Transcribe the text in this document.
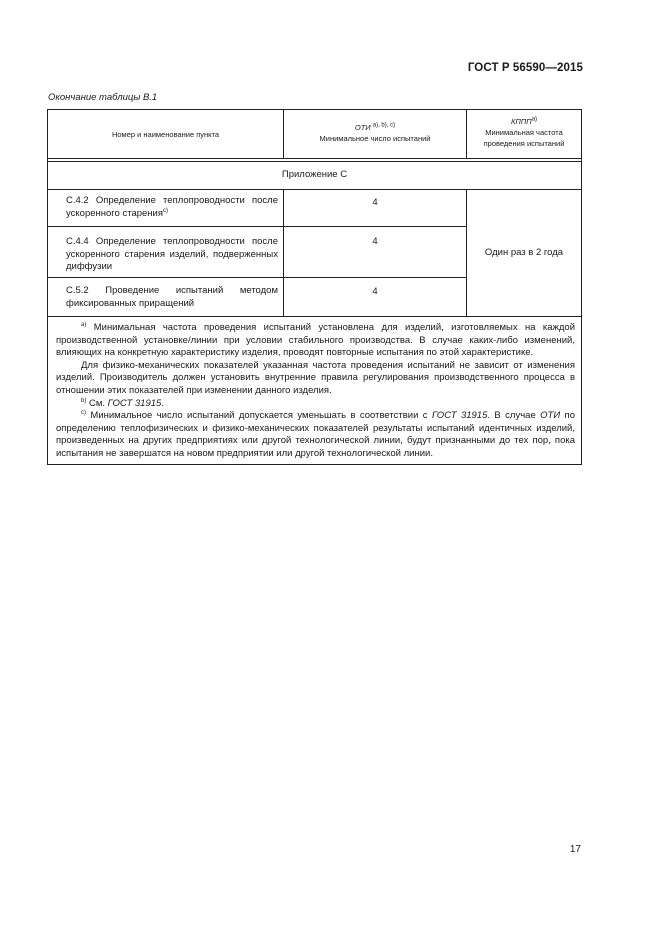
ГОСТ Р 56590—2015
Окончание таблицы В.1
Номер и наименование пункта
ОТИ $^{а), b), c)}$
Минимальное число испытаний
$КППП^{а)}$
Минимальная частота
проведения испытаний
Приложение С
С.4.2 Определение теплопроводности после ускоренного старения$^{c)}$
4
С.4.4 Определение теплопроводности после ускоренного старения изделий, подверженных диффузии
4
С.5.2 Проведение испытаний методом фиксированных приращений
4
Один раз в 2 года

$^{а)}$ Минимальная частота проведения испытаний установлена для изделий, изготовляемых на каждой производственной установке/линии при условии стабильного производства. В случае каких-либо изменений, влияющих на конкретную характеристику изделия, проводят повторные испытания по этой характеристике.

Для физико-механических показателей указанная частота проведения испытаний не зависит от изменения изделий. Производитель должен установить внутренние правила регулирования производственного процесса в отношении этих показателей при изменении данного изделия.

$^{b)}$ См. ГОСТ 31915.

$^{c)}$ Минимальное число испытаний допускается уменьшать в соответствии с ГОСТ 31915. В случае ОТИ по определению теплофизических и физико-механических показателей результаты испытаний идентичных изделий, произведенных на других предприятиях или другой технологической линии, будут признанными до тех пор, пока испытания не завершатся на новом предприятии или другой технологической линии.

17
